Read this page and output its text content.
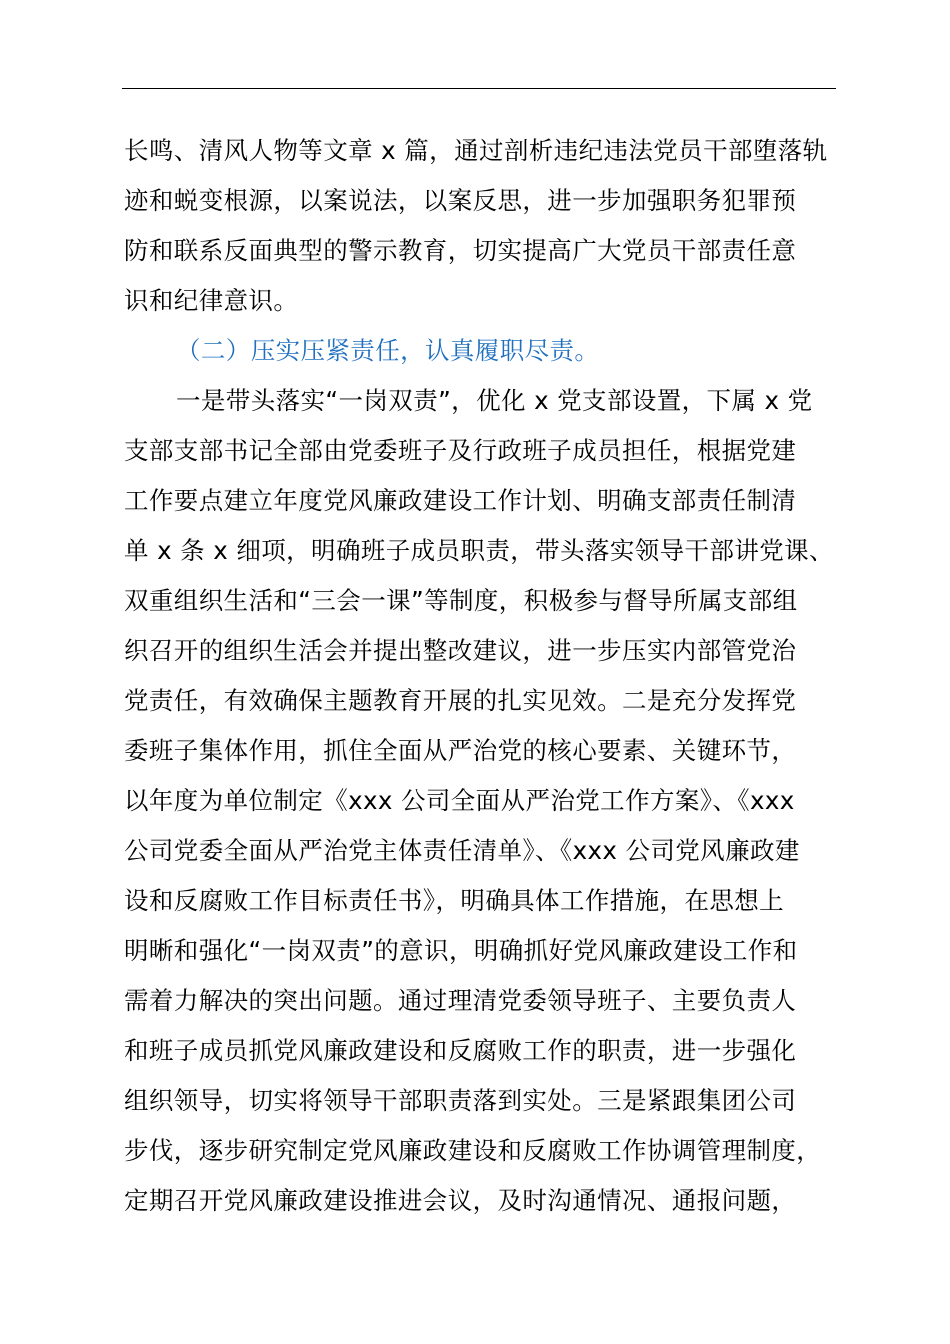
长鸣、清风人物等文章 x 篇，通过剖析违纪违法党员干部堕落轨
迹和蜕变根源，以案说法，以案反思，进一步加强职务犯罪预
防和联系反面典型的警示教育，切实提高广大党员干部责任意
识和纪律意识。
（二）压实压紧责任，认真履职尽责。
一是带头落实“一岗双责”，优化 x 党支部设置，下属 x 党
支部支部书记全部由党委班子及行政班子成员担任，根据党建
工作要点建立年度党风廉政建设工作计划、明确支部责任制清
单 x 条 x 细项，明确班子成员职责，带头落实领导干部讲党课、
双重组织生活和“三会一课”等制度，积极参与督导所属支部组
织召开的组织生活会并提出整改建议，进一步压实内部管党治
党责任，有效确保主题教育开展的扎实见效。二是充分发挥党
委班子集体作用，抓住全面从严治党的核心要素、关键环节，
以年度为单位制定《xxx 公司全面从严治党工作方案》、《xxx
公司党委全面从严治党主体责任清单》、《xxx 公司党风廉政建
设和反腐败工作目标责任书》，明确具体工作措施，在思想上
明晰和强化“一岗双责”的意识，明确抓好党风廉政建设工作和
需着力解决的突出问题。通过理清党委领导班子、主要负责人
和班子成员抓党风廉政建设和反腐败工作的职责，进一步强化
组织领导，切实将领导干部职责落到实处。三是紧跟集团公司
步伐，逐步研究制定党风廉政建设和反腐败工作协调管理制度，
定期召开党风廉政建设推进会议，及时沟通情况、通报问题，
